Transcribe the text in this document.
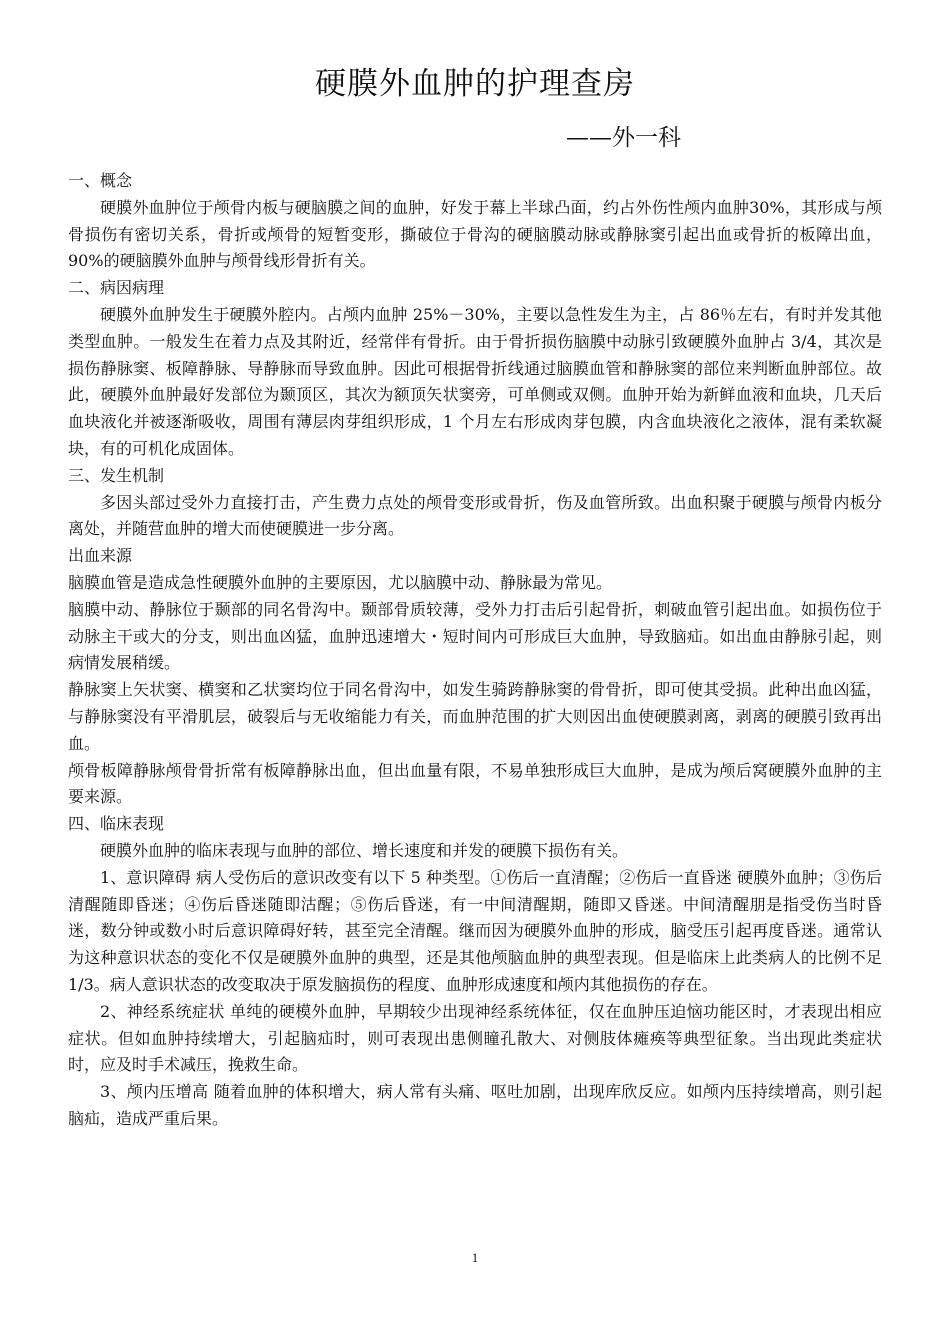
硬膜外血肿的护理查房
——外一科

一、概念

硬膜外血肿位于颅骨内板与硬脑膜之间的血肿，好发于幕上半球凸面，约占外伤性颅内血肿30%，其形成与颅骨损伤有密切关系，骨折或颅骨的短暂变形，撕破位于骨沟的硬脑膜动脉或静脉窦引起出血或骨折的板障出血，90%的硬脑膜外血肿与颅骨线形骨折有关。

二、病因病理

硬膜外血肿发生于硬膜外腔内。占颅内血肿 25%－30%，主要以急性发生为主，占 86％左右，有时并发其他类型血肿。一般发生在着力点及其附近，经常伴有骨折。由于骨折损伤脑膜中动脉引致硬膜外血肿占 3/4，其次是损伤静脉窦、板障静脉、导静脉而导致血肿。因此可根据骨折线通过脑膜血管和静脉窦的部位来判断血肿部位。故此，硬膜外血肿最好发部位为颞顶区，其次为额顶矢状窦旁，可单侧或双侧。血肿开始为新鲜血液和血块，几天后血块液化并被逐渐吸收，周围有薄层肉芽组织形成，1 个月左右形成肉芽包膜，内含血块液化之液体，混有柔软凝块，有的可机化成固体。

三、发生机制

多因头部过受外力直接打击，产生费力点处的颅骨变形或骨折，伤及血管所致。出血积聚于硬膜与颅骨内板分离处，并随营血肿的增大而使硬膜进一步分离。

出血来源

脑膜血管是造成急性硬膜外血肿的主要原因，尤以脑膜中动、静脉最为常见。

脑膜中动、静脉位于颞部的同名骨沟中。颞部骨质较薄，受外力打击后引起骨折，刺破血管引起出血。如损伤位于动脉主干或大的分支，则出血凶猛，血肿迅速增大・短时间内可形成巨大血肿，导致脑疝。如出血由静脉引起，则病情发展稍缓。

静脉窦上矢状窦、横窦和乙状窦均位于同名骨沟中，如发生骑跨静脉窦的骨骨折，即可使其受损。此种出血凶猛，与静脉窦没有平滑肌层，破裂后与无收缩能力有关，而血肿范围的扩大则因出血使硬膜剥离，剥离的硬膜引致再出血。

颅骨板障静脉颅骨骨折常有板障静脉出血，但出血量有限，不易单独形成巨大血肿，是成为颅后窝硬膜外血肿的主要来源。

四、临床表现

硬膜外血肿的临床表现与血肿的部位、增长速度和并发的硬膜下损伤有关。

1、意识障碍 病人受伤后的意识改变有以下 5 种类型。①伤后一直清醒；②伤后一直昏迷 硬膜外血肿；③伤后清醒随即昏迷；④伤后昏迷随即沽醒；⑤伤后昏迷，有一中间清醒期，随即又昏迷。中间清醒朋是指受伤当时昏迷，数分钟或数小时后意识障碍好转，甚至完全清醒。继而因为硬膜外血肿的形成，脑受压引起再度昏迷。通常认为这种意识状态的变化不仅是硬膜外血肿的典型，还是其他颅脑血肿的典型表现。但是临床上此类病人的比例不足 1/3。病人意识状态的改变取决于原发脑损伤的程度、血肿形成速度和颅内其他损伤的存在。

2、神经系统症状 单纯的硬模外血肿，早期较少出现神经系统体征，仅在血肿压迫恼功能区时，才表现出相应症状。但如血肿持续增大，引起脑疝时，则可表现出患侧瞳孔散大、对侧肢体瘫痪等典型征象。当出现此类症状时，应及时手术减压，挽救生命。

3、颅内压增高 随着血肿的体积增大，病人常有头痛、呕吐加剧，出现库欣反应。如颅内压持续增高，则引起脑疝，造成严重后果。

1
